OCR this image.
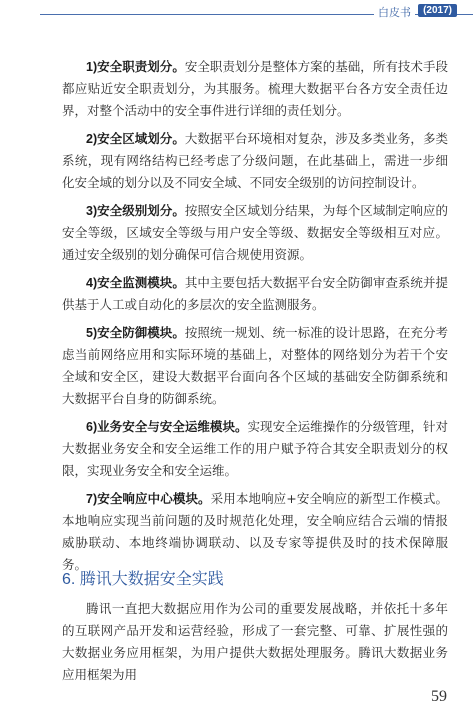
白皮书	(2017)

1)安全职责划分。安全职责划分是整体方案的基础，所有技术手段都应贴近安全职责划分，为其服务。梳理大数据平台各方安全责任边界，对整个活动中的安全事件进行详细的责任划分。

2)安全区域划分。大数据平台环境相对复杂，涉及多类业务，多类系统，现有网络结构已经考虑了分级问题，在此基础上，需进一步细化安全域的划分以及不同安全域、不同安全级别的访问控制设计。

3)安全级别划分。按照安全区域划分结果，为每个区域制定响应的安全等级，区域安全等级与用户安全等级、数据安全等级相互对应。通过安全级别的划分确保可信合规使用资源。

4)安全监测模块。其中主要包括大数据平台安全防御审查系统并提供基于人工或自动化的多层次的安全监测服务。

5)安全防御模块。按照统一规划、统一标准的设计思路，在充分考虑当前网络应用和实际环境的基础上，对整体的网络划分为若干个安全域和安全区，建设大数据平台面向各个区域的基础安全防御系统和大数据平台自身的防御系统。

6)业务安全与安全运维模块。实现安全运维操作的分级管理，针对大数据业务安全和安全运维工作的用户赋予符合其安全职责划分的权限，实现业务安全和安全运维。

7)安全响应中心模块。采用本地响应+安全响应的新型工作模式。本地响应实现当前问题的及时规范化处理，安全响应结合云端的情报威胁联动、本地终端协调联动、以及专家等提供及时的技术保障服务。

6. 腾讯大数据安全实践

腾讯一直把大数据应用作为公司的重要发展战略，并依托十多年的互联网产品开发和运营经验，形成了一套完整、可靠、扩展性强的大数据业务应用框架，为用户提供大数据处理服务。腾讯大数据业务应用框架为用

59
